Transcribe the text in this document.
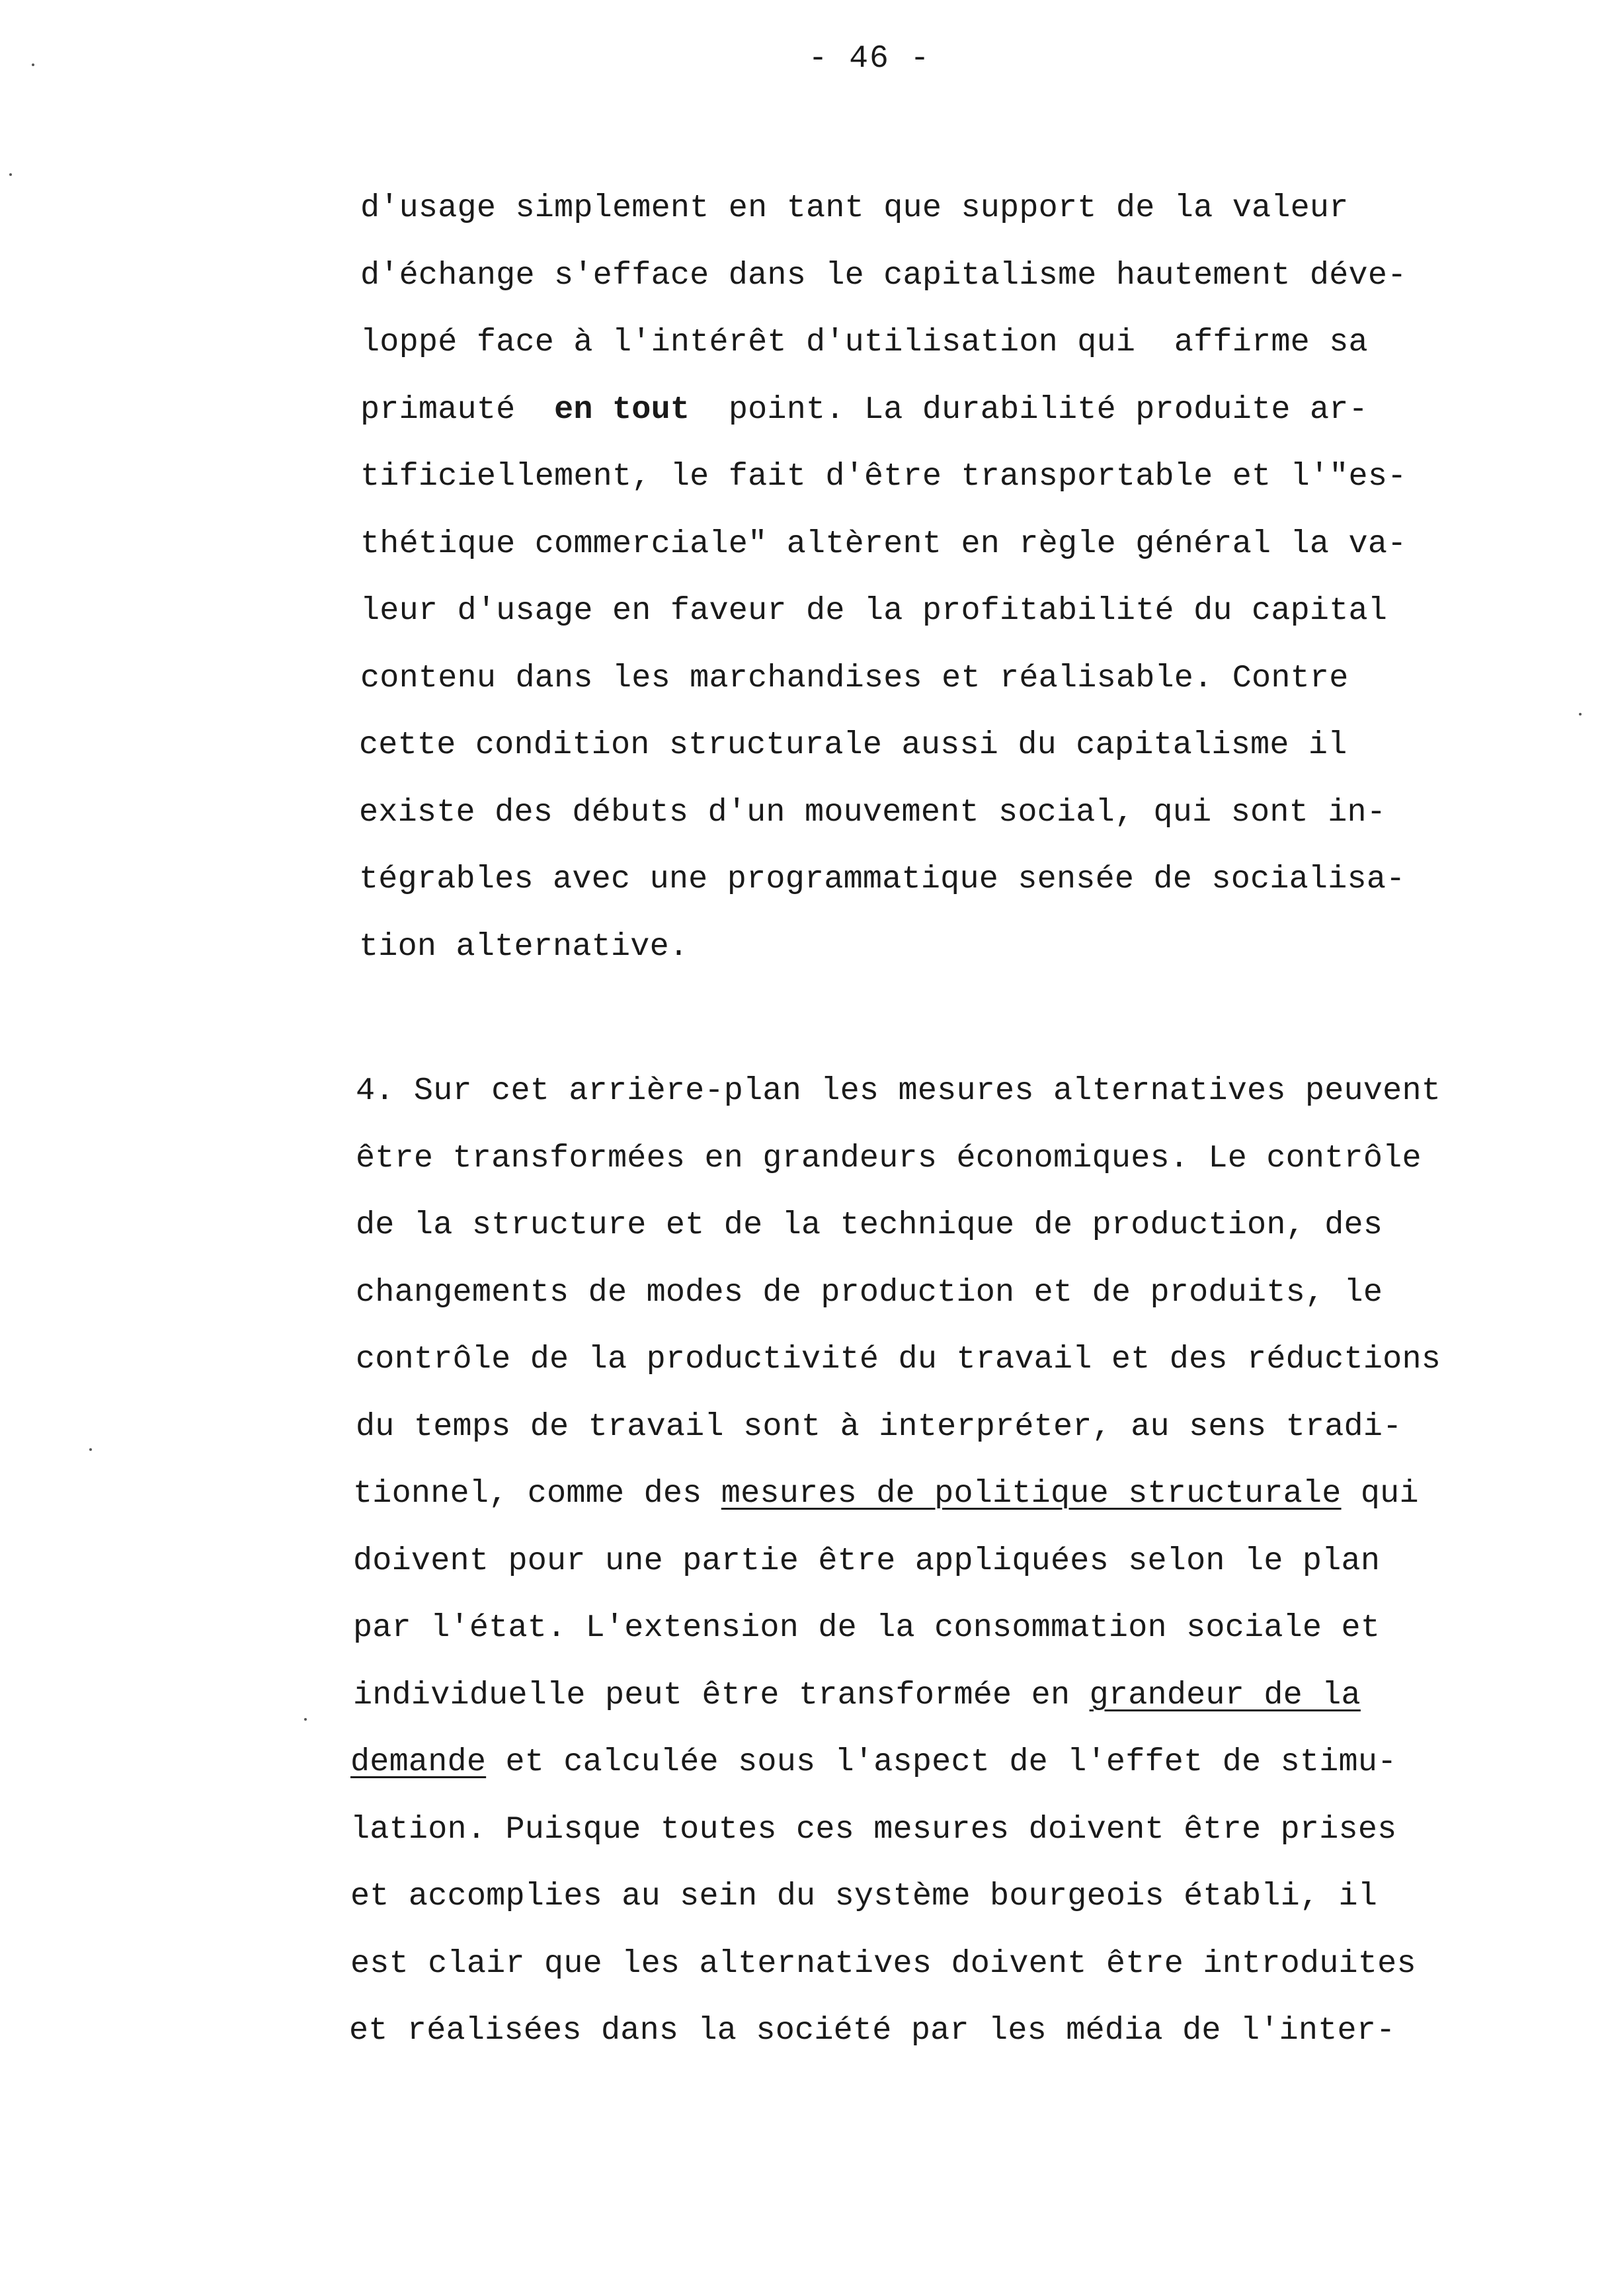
- 46 -
d'usage simplement en tant que support de la valeur
d'échange s'efface dans le capitalisme hautement déve-
loppé face à l'intérêt d'utilisation qui  affirme sa
primauté  en tout  point. La durabilité produite ar-
tificiellement, le fait d'être transportable et l'"es-
thétique commerciale" altèrent en règle général la va-
leur d'usage en faveur de la profitabilité du capital
contenu dans les marchandises et réalisable. Contre
cette condition structurale aussi du capitalisme il
existe des débuts d'un mouvement social, qui sont in-
tégrables avec une programmatique sensée de socialisa-
tion alternative.
4. Sur cet arrière-plan les mesures alternatives peuvent
être transformées en grandeurs économiques. Le contrôle
de la structure et de la technique de production, des
changements de modes de production et de produits, le
contrôle de la productivité du travail et des réductions
du temps de travail sont à interpréter, au sens tradi-
tionnel, comme des mesures de politique structurale qui
doivent pour une partie être appliquées selon le plan
par l'état. L'extension de la consommation sociale et
individuelle peut être transformée en grandeur de la
demande et calculée sous l'aspect de l'effet de stimu-
lation. Puisque toutes ces mesures doivent être prises
et accomplies au sein du système bourgeois établi, il
est clair que les alternatives doivent être introduites
et réalisées dans la société par les média de l'inter-
